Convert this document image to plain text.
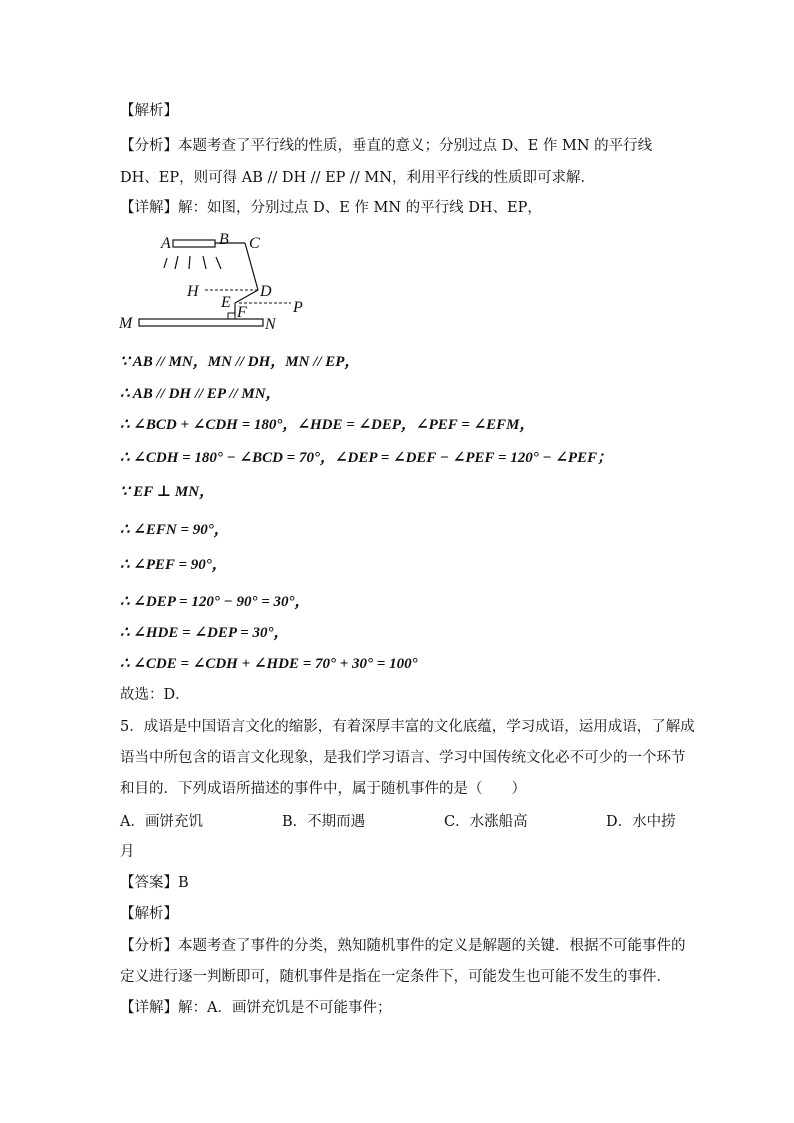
【解析】
【分析】本题考查了平行线的性质，垂直的意义；分别过点 D、E 作 MN 的平行线
DH、EP，则可得 AB // DH // EP // MN，利用平行线的性质即可求解．
【详解】解：如图，分别过点 D、E 作 MN 的平行线 DH、EP，
A	B C
H	D
E	P
F
M	N
∵ AB // MN，MN // DH，MN // EP，
∴ AB // DH // EP // MN，
∴ ∠BCD + ∠CDH = 180°，∠HDE = ∠DEP，∠PEF = ∠EFM，
∴ ∠CDH = 180° − ∠BCD = 70°，∠DEP = ∠DEF − ∠PEF = 120° − ∠PEF；
∵ EF ⊥ MN，
∴ ∠EFN = 90°，
∴ ∠PEF = 90°，
∴ ∠DEP = 120° − 90° = 30°，
∴ ∠HDE = ∠DEP = 30°，
∴ ∠CDE = ∠CDH + ∠HDE = 70° + 30° = 100°
故选：D．
5．成语是中国语言文化的缩影，有着深厚丰富的文化底蕴，学习成语，运用成语，了解成
语当中所包含的语言文化现象，是我们学习语言、学习中国传统文化必不可少的一个环节
和目的．下列成语所描述的事件中，属于随机事件的是（　　）
A．画饼充饥	B．不期而遇	C．水涨船高	D．水中捞
月
【答案】B
【解析】
【分析】本题考查了事件的分类，熟知随机事件的定义是解题的关键．根据不可能事件的
定义进行逐一判断即可，随机事件是指在一定条件下，可能发生也可能不发生的事件．
【详解】解：A．画饼充饥是不可能事件；
